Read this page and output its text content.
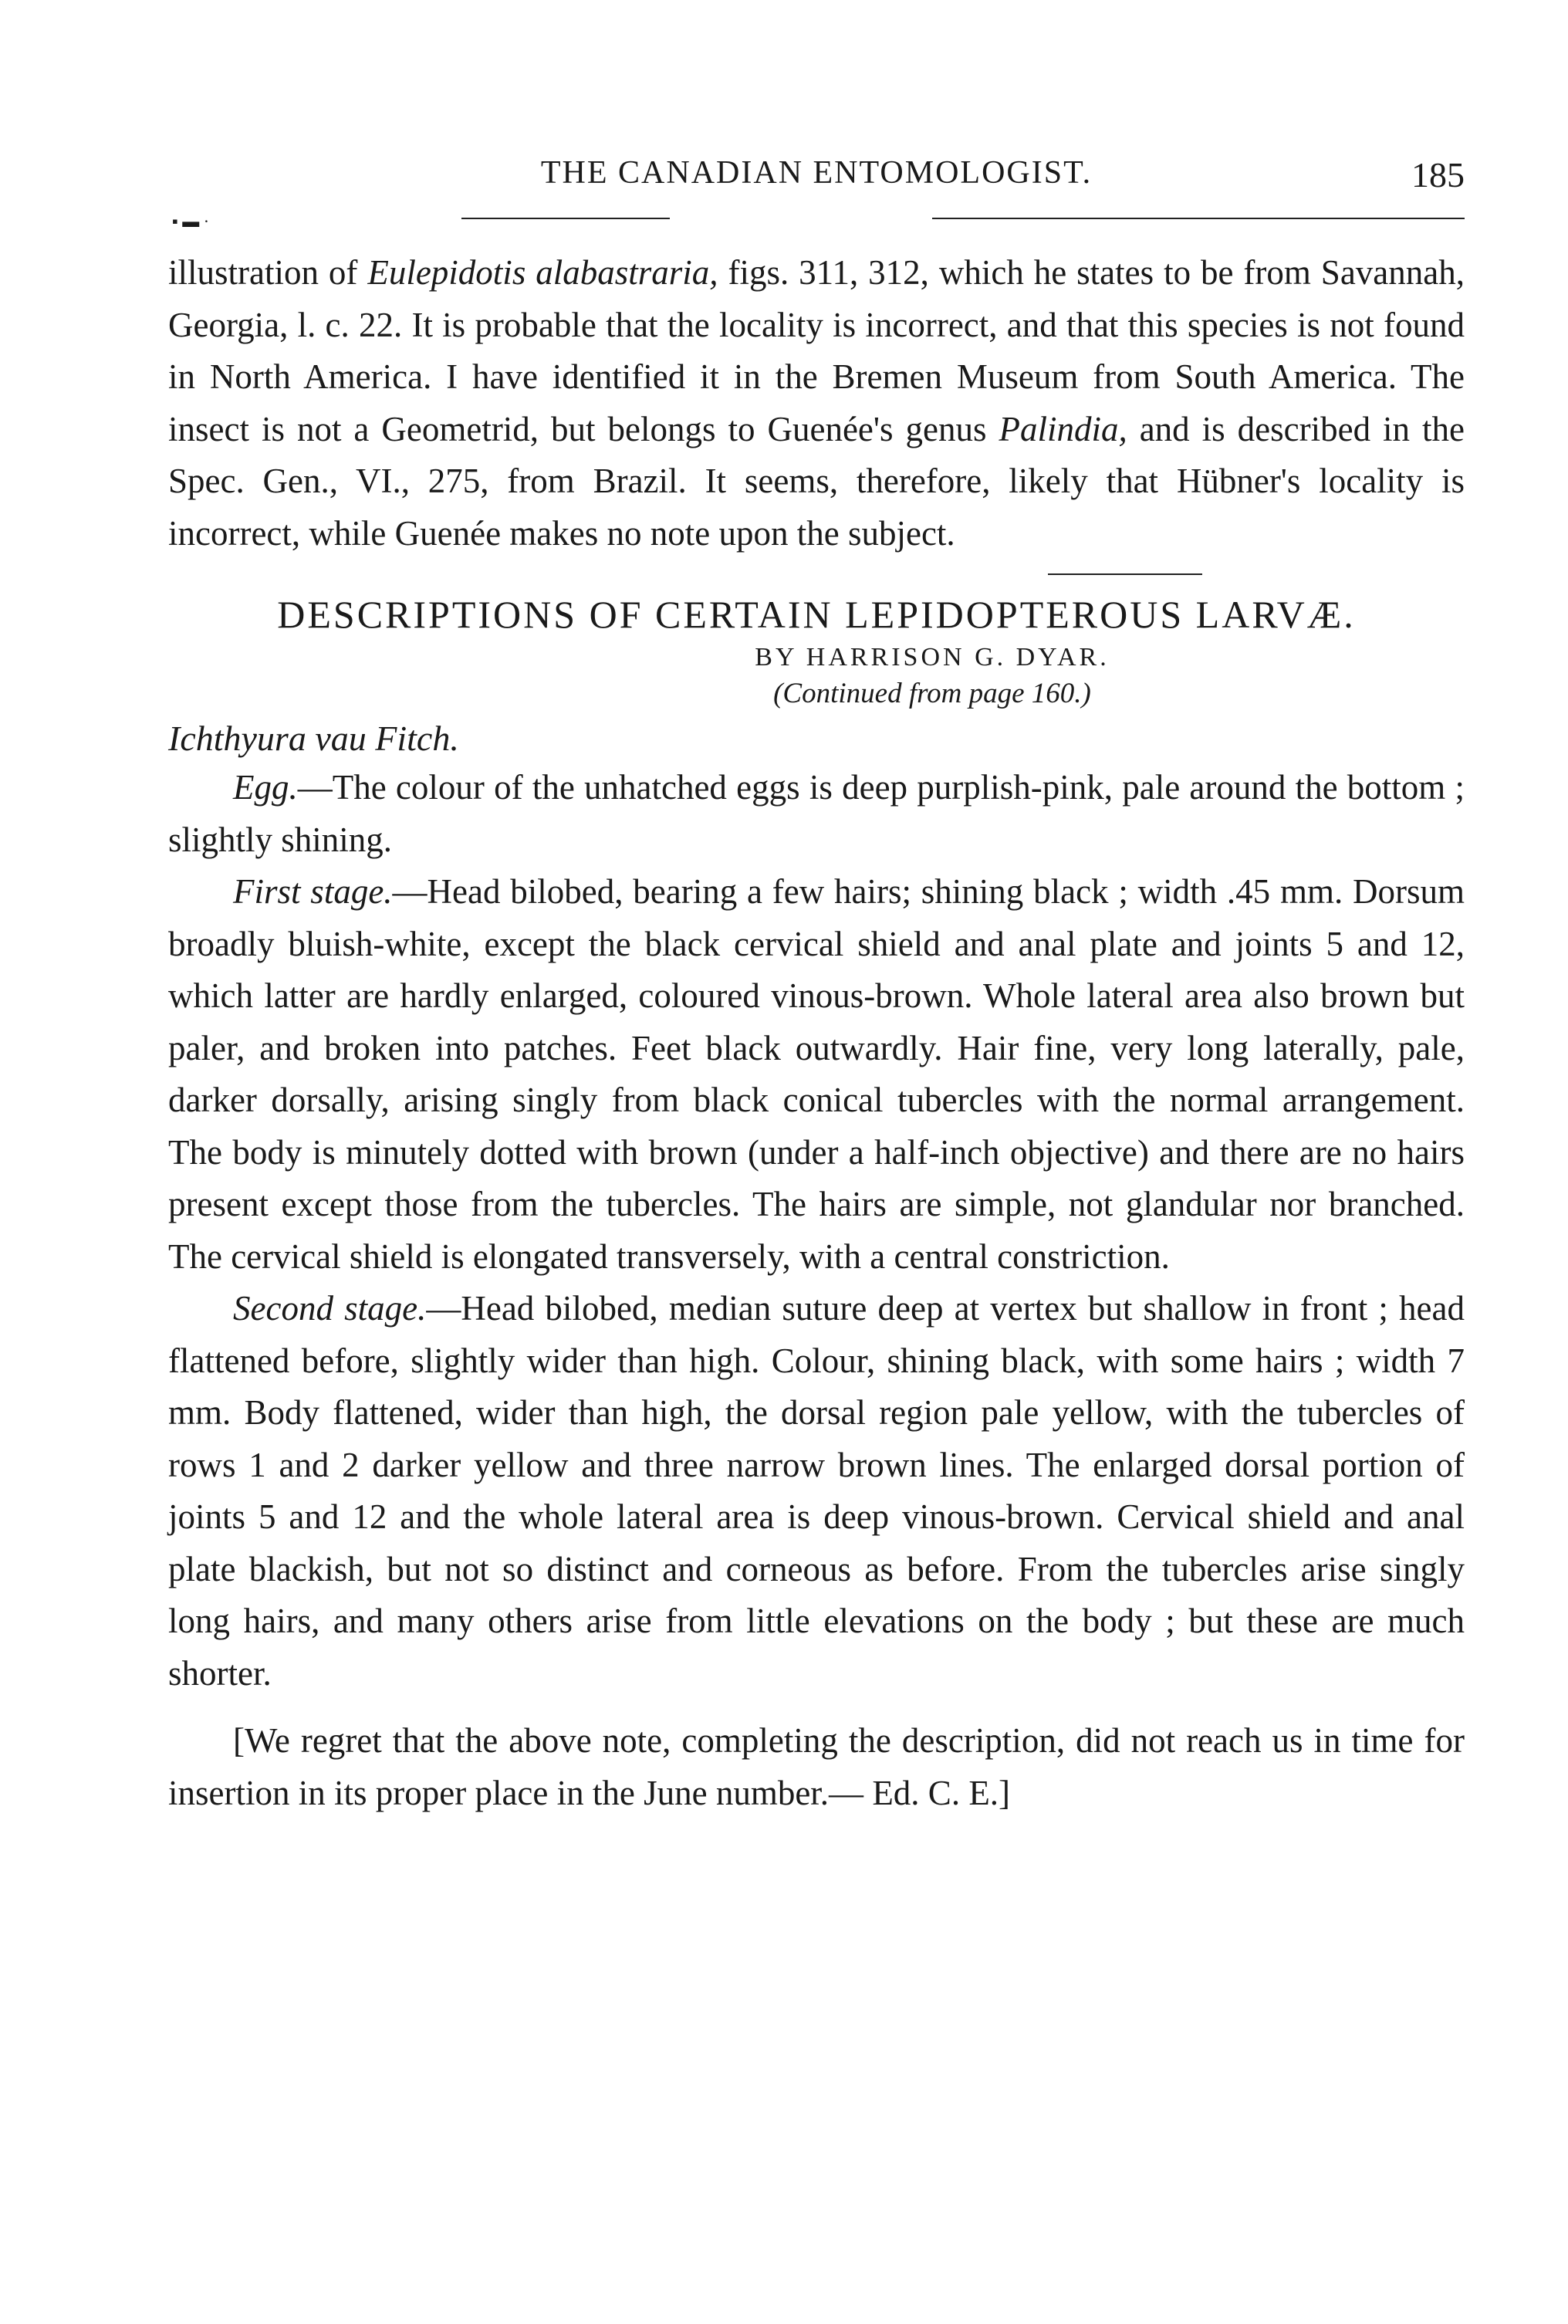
THE CANADIAN ENTOMOLOGIST.	185
▪ ▬ ·

illustration of Eulepidotis alabastraria, figs. 311, 312, which he states to be from Savannah, Georgia, l. c. 22. It is probable that the locality is incorrect, and that this species is not found in North America. I have identified it in the Bremen Museum from South America. The insect is not a Geometrid, but belongs to Guenée's genus Palindia, and is described in the Spec. Gen., VI., 275, from Brazil. It seems, therefore, likely that Hübner's locality is incorrect, while Guenée makes no note upon the subject.

DESCRIPTIONS OF CERTAIN LEPIDOPTEROUS LARVÆ.
BY HARRISON G. DYAR.
(Continued from page 160.)
Ichthyura vau Fitch.

Egg.—The colour of the unhatched eggs is deep purplish-pink, pale around the bottom ; slightly shining.

First stage.—Head bilobed, bearing a few hairs; shining black ; width .45 mm. Dorsum broadly bluish-white, except the black cervical shield and anal plate and joints 5 and 12, which latter are hardly enlarged, coloured vinous-brown. Whole lateral area also brown but paler, and broken into patches. Feet black outwardly. Hair fine, very long laterally, pale, darker dorsally, arising singly from black conical tubercles with the normal arrangement. The body is minutely dotted with brown (under a half-inch objective) and there are no hairs present except those from the tubercles. The hairs are simple, not glandular nor branched. The cervical shield is elongated transversely, with a central constriction.

Second stage.—Head bilobed, median suture deep at vertex but shallow in front ; head flattened before, slightly wider than high. Colour, shining black, with some hairs ; width 7 mm. Body flattened, wider than high, the dorsal region pale yellow, with the tubercles of rows 1 and 2 darker yellow and three narrow brown lines. The enlarged dorsal portion of joints 5 and 12 and the whole lateral area is deep vinous-brown. Cervical shield and anal plate blackish, but not so distinct and corneous as before. From the tubercles arise singly long hairs, and many others arise from little elevations on the body ; but these are much shorter.

[We regret that the above note, completing the description, did not reach us in time for insertion in its proper place in the June number.— Ed. C. E.]
